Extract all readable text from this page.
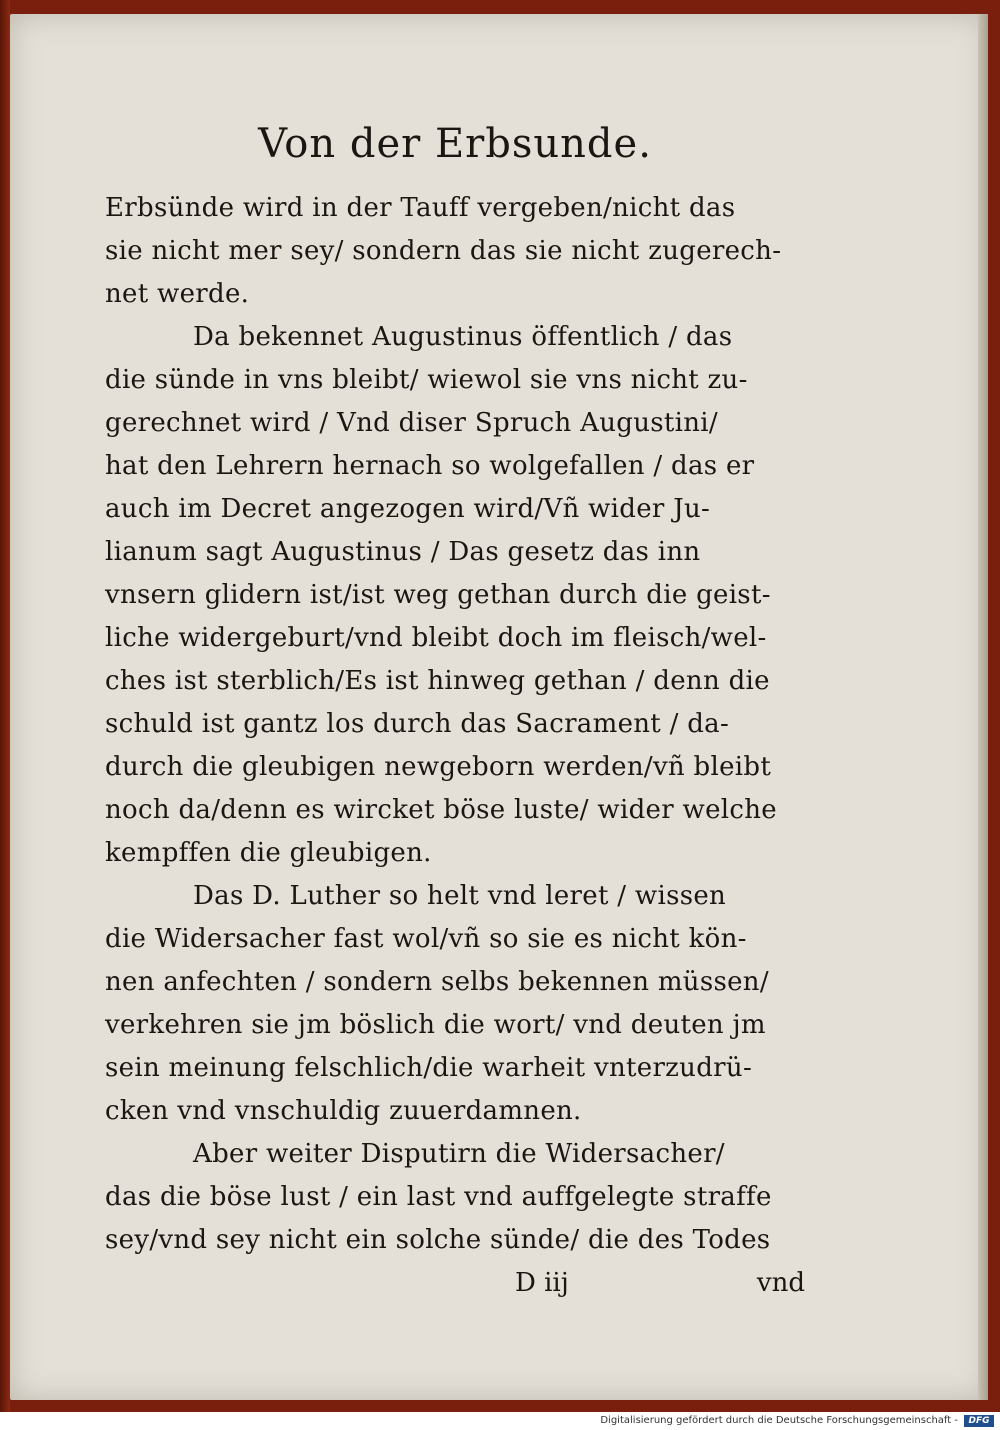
Von der Erbsunde.
Erbsünde wird in der Tauff vergeben/nicht das
sie nicht mer sey/ sondern das sie nicht zugerech-
net werde.
Da bekennet Augustinus öffentlich / das
die sünde in vns bleibt/ wiewol sie vns nicht zu-
gerechnet wird / Vnd diser Spruch Augustini/
hat den Lehrern hernach so wolgefallen / das er
auch im Decret angezogen wird/Vñ wider Ju-
lianum sagt Augustinus / Das gesetz das inn
vnsern glidern ist/ist weg gethan durch die geist-
liche widergeburt/vnd bleibt doch im fleisch/wel-
ches ist sterblich/Es ist hinweg gethan / denn die
schuld ist gantz los durch das Sacrament / da-
durch die gleubigen newgeborn werden/vñ bleibt
noch da/denn es wircket böse luste/ wider welche
kempffen die gleubigen.
Das D. Luther so helt vnd leret / wissen
die Widersacher fast wol/vñ so sie es nicht kön-
nen anfechten / sondern selbs bekennen müssen/
verkehren sie jm böslich die wort/ vnd deuten jm
sein meinung felschlich/die warheit vnterzudrü-
cken vnd vnschuldig zuuerdamnen.
Aber weiter Disputirn die Widersacher/
das die böse lust / ein last vnd auffgelegte straffe
sey/vnd sey nicht ein solche sünde/ die des Todes
D iij	vnd
Digitalisierung gefördert durch die Deutsche Forschungsgemeinschaft -	DFG
